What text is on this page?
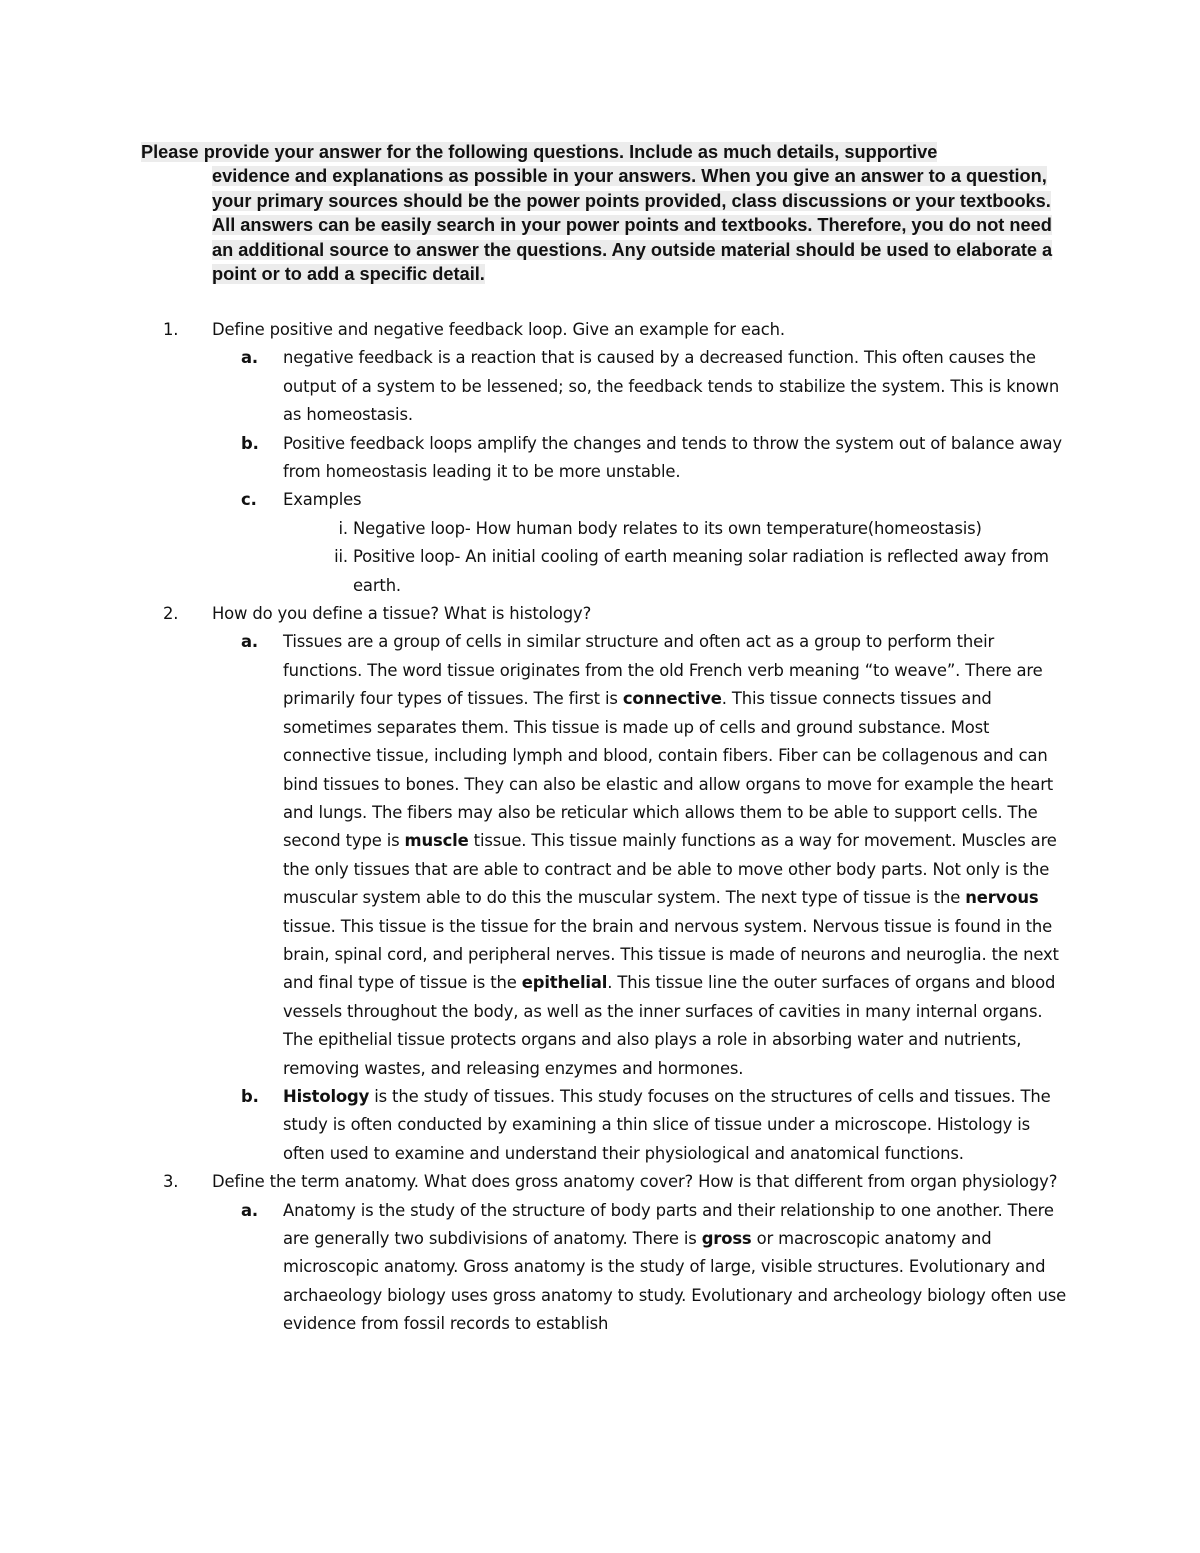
Please provide your answer for the following questions. Include as much details, supportive
evidence and explanations as possible in your answers. When you give an answer to a question, your primary sources should be the power points provided, class discussions or your textbooks. All answers can be easily search in your power points and textbooks. Therefore, you do not need an additional source to answer the questions. Any outside material should be used to elaborate a point or to add a specific detail.
1. Define positive and negative feedback loop. Give an example for each.
a. negative feedback is a reaction that is caused by a decreased function. This often causes the output of a system to be lessened; so, the feedback tends to stabilize the system. This is known as homeostasis.
b. Positive feedback loops amplify the changes and tends to throw the system out of balance away from homeostasis leading it to be more unstable.
c. Examples
i. Negative loop- How human body relates to its own temperature(homeostasis)
ii. Positive loop- An initial cooling of earth meaning solar radiation is reflected away from earth.
2. How do you define a tissue? What is histology?
a. Tissues are a group of cells in similar structure and often act as a group to perform their functions. The word tissue originates from the old French verb meaning “to weave”. There are primarily four types of tissues. The first is connective. This tissue connects tissues and sometimes separates them. This tissue is made up of cells and ground substance. Most connective tissue, including lymph and blood, contain fibers. Fiber can be collagenous and can bind tissues to bones. They can also be elastic and allow organs to move for example the heart and lungs. The fibers may also be reticular which allows them to be able to support cells. The second type is muscle tissue. This tissue mainly functions as a way for movement. Muscles are the only tissues that are able to contract and be able to move other body parts. Not only is the muscular system able to do this the muscular system. The next type of tissue is the nervous tissue. This tissue is the tissue for the brain and nervous system. Nervous tissue is found in the brain, spinal cord, and peripheral nerves. This tissue is made of neurons and neuroglia. the next and final type of tissue is the epithelial. This tissue line the outer surfaces of organs and blood vessels throughout the body, as well as the inner surfaces of cavities in many internal organs. The epithelial tissue protects organs and also plays a role in absorbing water and nutrients, removing wastes, and releasing enzymes and hormones.
b. Histology is the study of tissues. This study focuses on the structures of cells and tissues. The study is often conducted by examining a thin slice of tissue under a microscope. Histology is often used to examine and understand their physiological and anatomical functions.
3. Define the term anatomy. What does gross anatomy cover? How is that different from organ physiology?
a. Anatomy is the study of the structure of body parts and their relationship to one another. There are generally two subdivisions of anatomy. There is gross or macroscopic anatomy and microscopic anatomy. Gross anatomy is the study of large, visible structures. Evolutionary and archaeology biology uses gross anatomy to study. Evolutionary and archeology biology often use evidence from fossil records to establish
